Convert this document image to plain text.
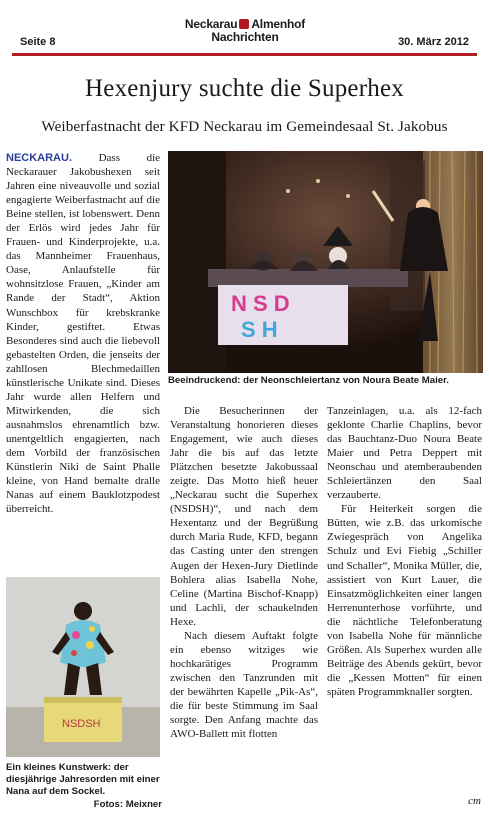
Seite 8
Neckarau Almenhof
Nachrichten	30. März 2012
Hexenjury suchte die Superhex
Weiberfastnacht der KFD Neckarau im Gemeindesaal St. Jakobus

NECKARAU. Dass die Neckarauer Jakobushexen seit Jahren eine niveauvolle und sozial engagierte Weiberfastnacht auf die Beine stellen, ist lobenswert. Denn der Erlös wird jedes Jahr für Frauen- und Kinderprojekte, u.a. das Mannheimer Frauenhaus, Oase, Anlaufstelle für wohnsitzlose Frauen, „Kinder am Rande der Stadt“, Aktion Wunschbox für krebskranke Kinder, gestiftet. Etwas Besonderes sind auch die liebevoll gebastelten Orden, die jenseits der zahllosen Blechmedaillen künstlerische Unikate sind. Dieses Jahr wurde allen Helfern und Mitwirkenden, die sich ausnahmslos ehrenamtlich bzw. unentgeltlich engagierten, nach dem Vorbild der französischen Künstlerin Niki de Saint Phalle kleine, von Hand bemalte dralle Nanas auf einem Bauklotzpodest überreicht.

N S D
S H
Beeindruckend: der Neonschleiertanz von Noura Beate Maier.

Die Besucherinnen der Veranstaltung honorieren dieses Engagement, wie auch dieses Jahr die bis auf das letzte Plätzchen besetzte Jakobussaal zeigte. Das Motto hieß heuer „Neckarau sucht die Superhex (NSDSH)“, und nach dem Hexentanz und der Begrüßung durch Maria Rude, KFD, begann das Casting unter den strengen Augen der Hexen-Jury Dietlinde Bohlera alias Isabella Nohe, Celine (Martina Bischof-Knapp) und Lachli, der schaukelnden Hexe.

Nach diesem Auftakt folgte ein ebenso witziges wie hochkarätiges Programm zwischen den Tanzrunden mit der bewährten Kapelle „Pik-As“, die für beste Stimmung im Saal sorgte. Den Anfang machte das AWO-Ballett mit flotten

Tanzeinlagen, u.a. als 12-fach geklonte Charlie Chaplins, bevor das Bauchtanz-Duo Noura Beate Maier und Petra Deppert mit Neonschau und atemberaubenden Schleiertänzen den Saal verzauberte.

Für Heiterkeit sorgen die Bütten, wie z.B. das urkomische Zwiegespräch von Angelika Schulz und Evi Fiebig „Schiller und Schaller“, Monika Müller, die, assistiert von Kurt Lauer, die Einsatzmöglichkeiten einer langen Herrenunterhose vorführte, und die nächtliche Telefonberatung von Isabella Nohe für männliche Größen. Als Superhex wurden alle Beiträge des Abends gekürt, bevor die „Kessen Motten“ für einen späten Programmknaller sorgten.

NSDSH
Ein kleines Kunstwerk: der diesjährige Jahresorden mit einer Nana auf dem Sockel.
Fotos: Meixner	cm
